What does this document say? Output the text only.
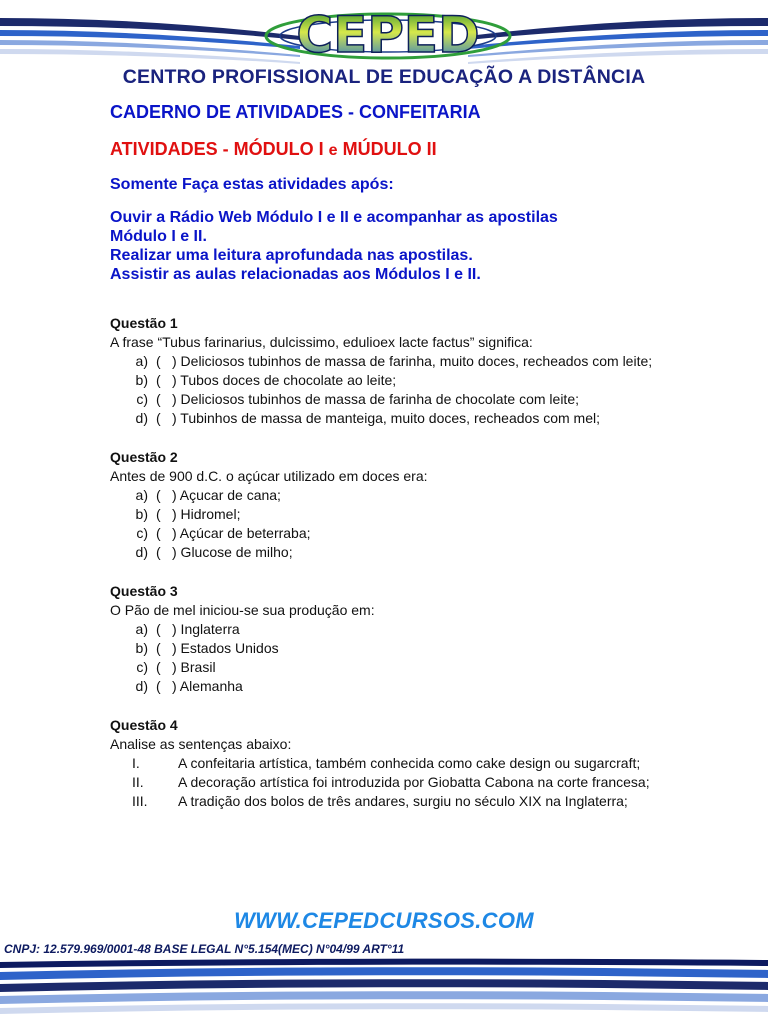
CEPED
CENTRO PROFISSIONAL DE EDUCAÇÃO A DISTÂNCIA
CADERNO DE ATIVIDADES - CONFEITARIA
ATIVIDADES - MÓDULO I e MÚDULO II
Somente Faça estas atividades após:
Ouvir a Rádio Web Módulo I e II e acompanhar as apostilas
Módulo I e II.
Realizar uma leitura aprofundada nas apostilas.
Assistir as aulas relacionadas aos Módulos I e II.
Questão 1
A frase “Tubus farinarius, dulcissimo, edulioex lacte factus” significa:
a) ( ) Deliciosos tubinhos de massa de farinha, muito doces, recheados com leite;
b) ( ) Tubos doces de chocolate ao leite;
c) ( ) Deliciosos tubinhos de massa de farinha de chocolate com leite;
d) ( ) Tubinhos de massa de manteiga, muito doces, recheados com mel;
Questão 2
Antes de 900 d.C. o açúcar utilizado em doces era:
a) ( ) Açucar de cana;
b) ( ) Hidromel;
c) ( ) Açúcar de beterraba;
d) ( ) Glucose de milho;
Questão 3
O Pão de mel iniciou-se sua produção em:
a) ( ) Inglaterra
b) ( ) Estados Unidos
c) ( ) Brasil
d) ( ) Alemanha
Questão 4
Analise as sentenças abaixo:
I.	A confeitaria artística, também conhecida como cake design ou sugarcraft;
II.	A decoração artística foi introduzida por Giobatta Cabona na corte francesa;
III.	A tradição dos bolos de três andares, surgiu no século XIX na Inglaterra;
WWW.CEPEDCURSOS.COM
CNPJ: 12.579.969/0001-48 BASE LEGAL N°5.154(MEC) N°04/99 ART°11
